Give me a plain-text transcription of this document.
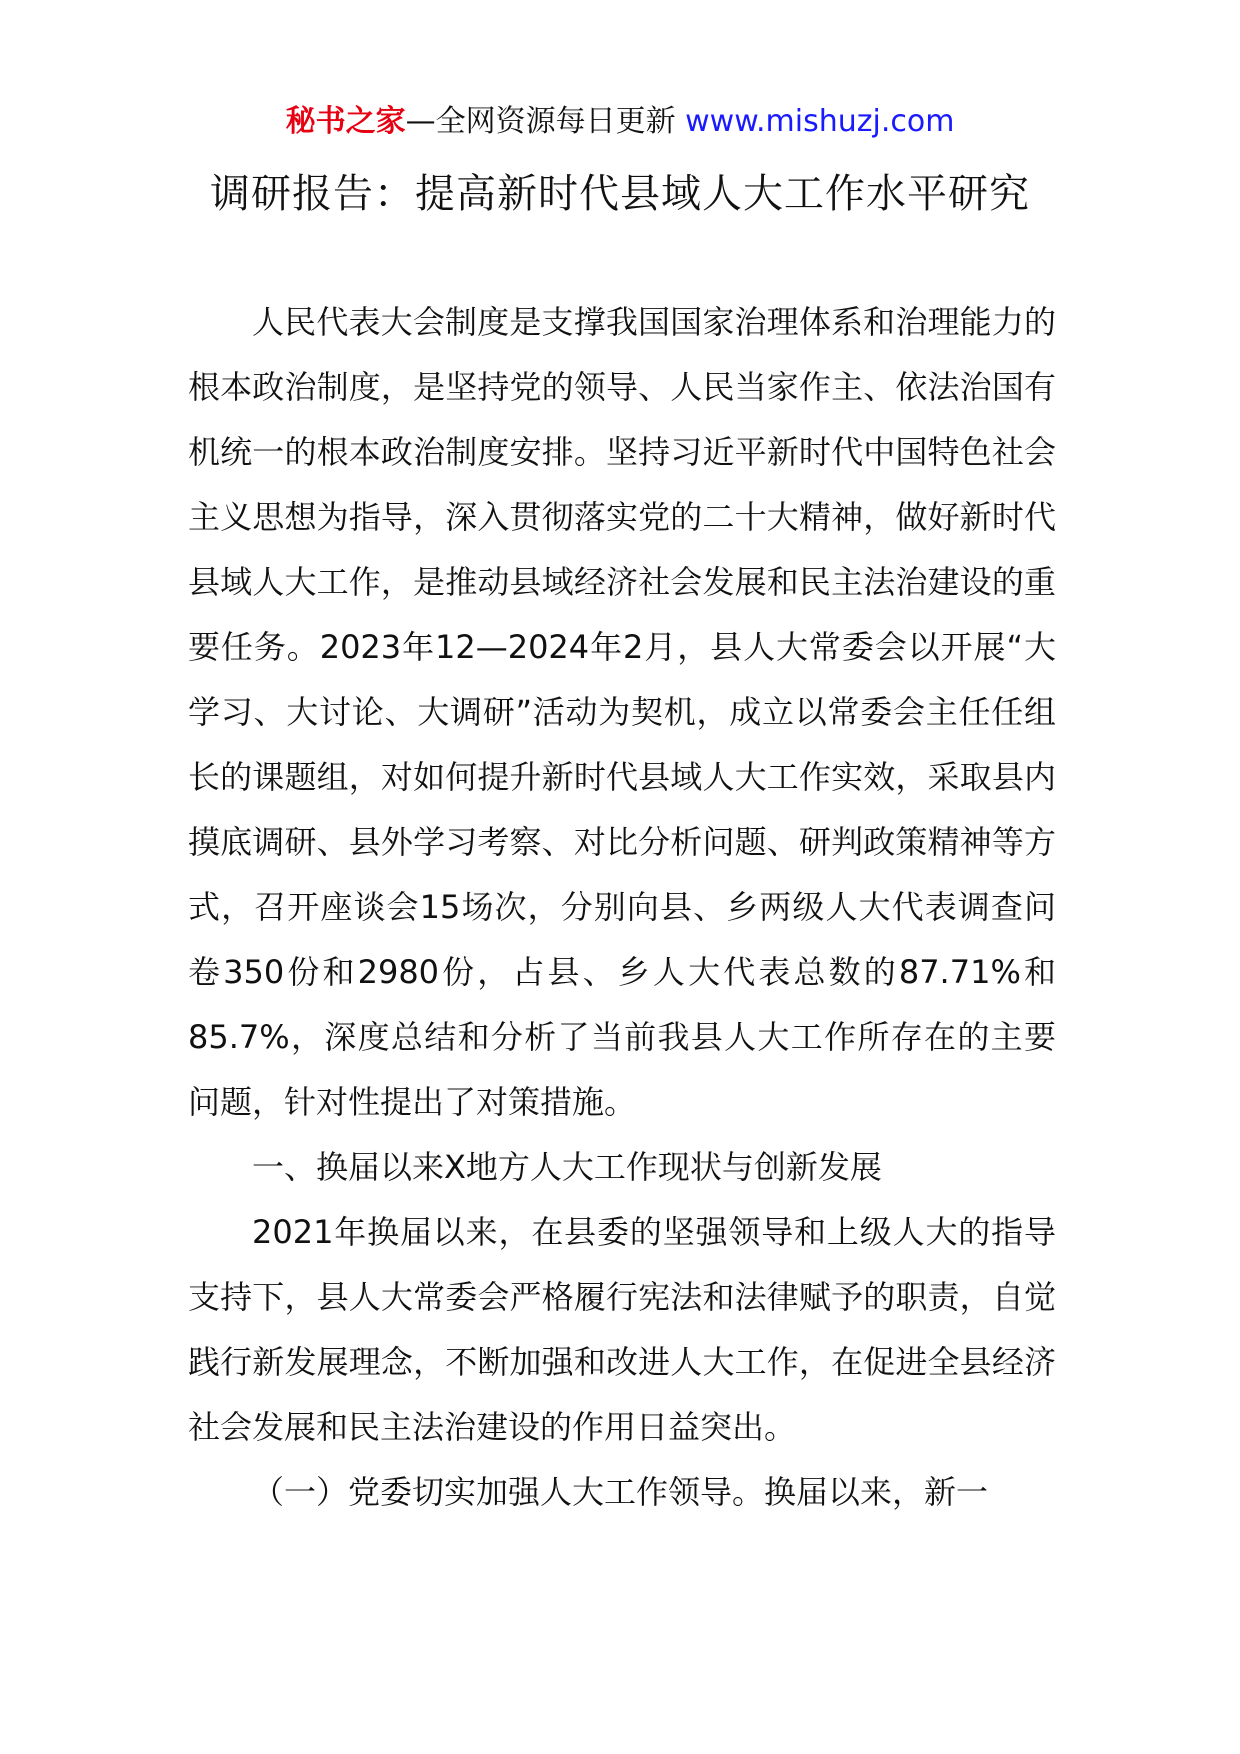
秘书之家—全网资源每日更新 www.mishuzj.com
调研报告：提高新时代县域人大工作水平研究

人民代表大会制度是支撑我国国家治理体系和治理能力的根本政治制度，是坚持党的领导、人民当家作主、依法治国有机统一的根本政治制度安排。坚持习近平新时代中国特色社会主义思想为指导，深入贯彻落实党的二十大精神，做好新时代县域人大工作，是推动县域经济社会发展和民主法治建设的重要任务。2023年12—2024年2月，县人大常委会以开展“大学习、大讨论、大调研”活动为契机，成立以常委会主任任组长的课题组，对如何提升新时代县域人大工作实效，采取县内摸底调研、县外学习考察、对比分析问题、研判政策精神等方式，召开座谈会15场次，分别向县、乡两级人大代表调查问卷350份和2980份，占县、乡人大代表总数的87.71%和85.7%，深度总结和分析了当前我县人大工作所存在的主要问题，针对性提出了对策措施。

一、换届以来X地方人大工作现状与创新发展

2021年换届以来，在县委的坚强领导和上级人大的指导支持下，县人大常委会严格履行宪法和法律赋予的职责，自觉践行新发展理念，不断加强和改进人大工作，在促进全县经济社会发展和民主法治建设的作用日益突出。

（一）党委切实加强人大工作领导。换届以来，新一
